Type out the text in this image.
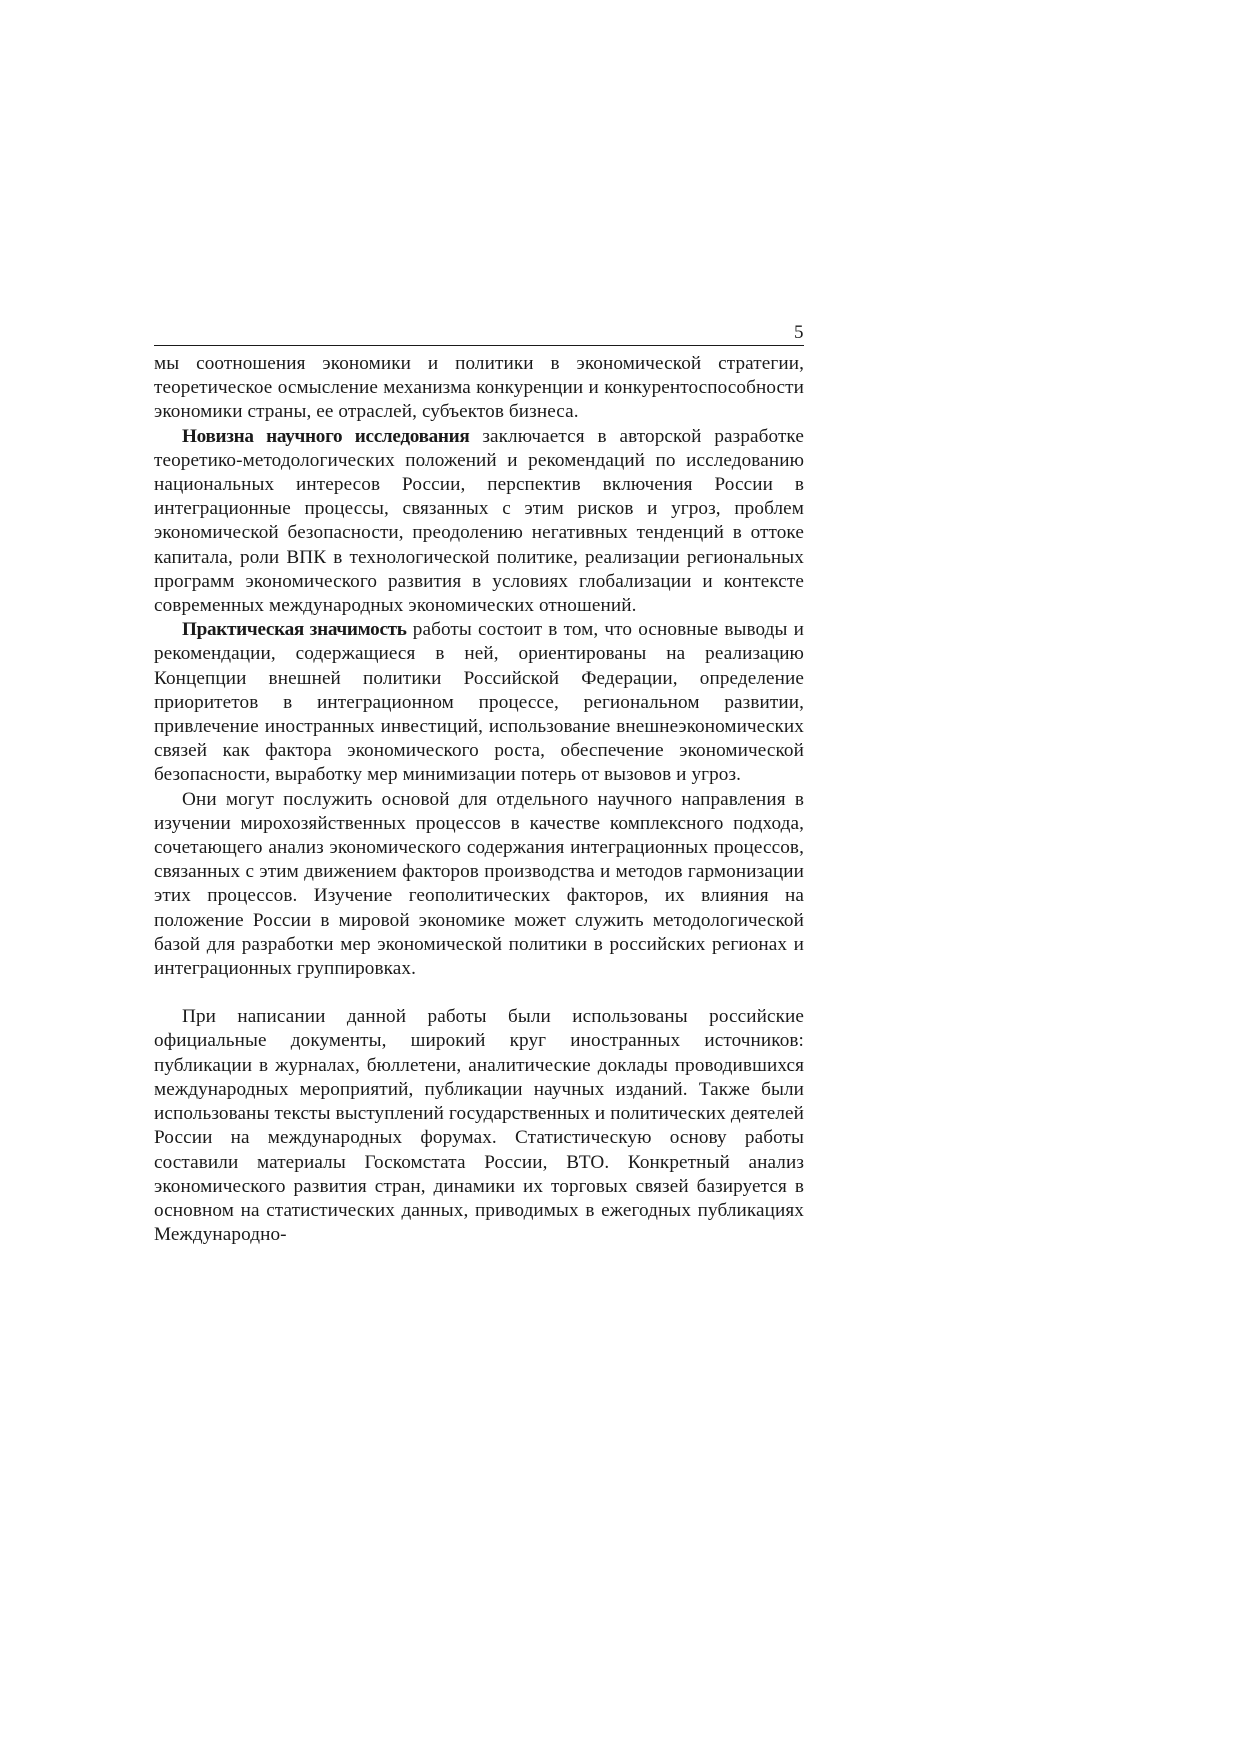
5

мы соотношения экономики и политики в экономической стратегии, теоретическое осмысление механизма конкуренции и конкурентоспособности экономики страны, ее отраслей, субъектов бизнеса.

Новизна научного исследования заключается в авторской разработке теоретико-методологических положений и рекомендаций по исследованию национальных интересов России, перспектив включения России в интеграционные процессы, связанных с этим рисков и угроз, проблем экономической безопасности, преодолению негативных тенденций в оттоке капитала, роли ВПК в технологической политике, реализации региональных программ экономического развития в условиях глобализации и контексте современных международных экономических отношений.

Практическая значимость работы состоит в том, что основные выводы и рекомендации, содержащиеся в ней, ориентированы на реализацию Концепции внешней политики Российской Федерации, определение приоритетов в интеграционном процессе, региональном развитии, привлечение иностранных инвестиций, использование внешнеэкономических связей как фактора экономического роста, обеспечение экономической безопасности, выработку мер минимизации потерь от вызовов и угроз.

Они могут послужить основой для отдельного научного направления в изучении мирохозяйственных процессов в качестве комплексного подхода, сочетающего анализ экономического содержания интеграционных процессов, связанных с этим движением факторов производства и методов гармонизации этих процессов. Изучение геополитических факторов, их влияния на положение России в мировой экономике может служить методологической базой для разработки мер экономической политики в российских регионах и интеграционных группировках.

При написании данной работы были использованы российские официальные документы, широкий круг иностранных источников: публикации в журналах, бюллетени, аналитические доклады проводившихся международных мероприятий, публикации научных изданий. Также были использованы тексты выступлений государственных и политических деятелей России на международных форумах. Статистическую основу работы составили материалы Госкомстата России, ВТО. Конкретный анализ экономического развития стран, динамики их торговых связей базируется в основном на статистических данных, приводимых в ежегодных публикациях Международно-
